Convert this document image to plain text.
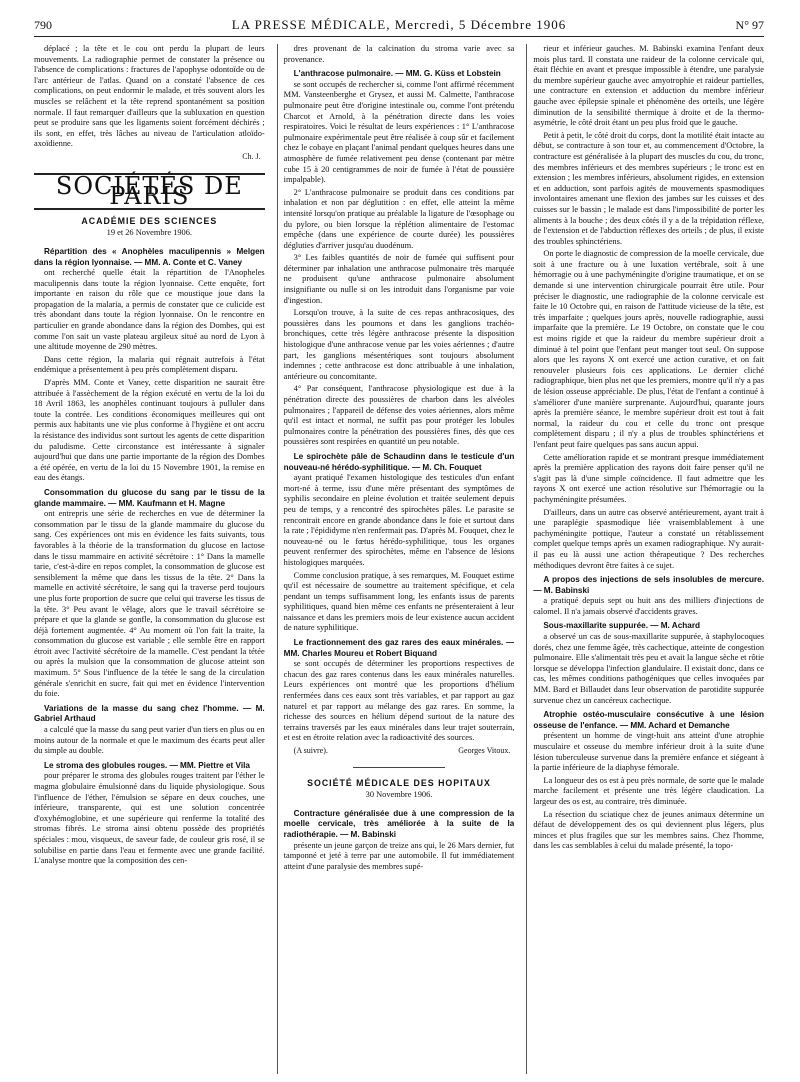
LA PRESSE MÉDICALE, Mercredi, 5 Décembre 1906
790	N° 97

déplacé ; la tête et le cou ont perdu la plupart de leurs mouvements. La radiographie permet de constater la présence ou l'absence de complications : fractures de l'apophyse odontoïde ou de l'arc antérieur de l'atlas. Quand on a constaté l'absence de ces complications, on peut endormir le malade, et très souvent alors les muscles se relâchent et la tête reprend spontanément sa position normale. Il faut remarquer d'ailleurs que la subluxation en question peut se produire sans que les ligaments soient forcément déchirés ; ils sont, en effet, très lâches au niveau de l'articulation atloïdo-axoïdienne.

Ch. J.
SOCIÉTÉS DE PARIS
ACADÉMIE DES SCIENCES
19 et 26 Novembre 1906.
Répartition des « Anophèles maculipennis » Melgen dans la région lyonnaise. — MM. A. Conte et C. Vaney

ont recherché quelle était la répartition de l'Anopheles maculipennis dans toute la région lyonnaise. Cette enquête, fort importante en raison du rôle que ce moustique joue dans la propagation de la malaria, a permis de constater que ce culicide est très abondant dans toute la région lyonnaise. On le rencontre en particulier en grande abondance dans la région des Dombes, qui est comme l'on sait un vaste plateau argileux situé au nord de Lyon à une altitude moyenne de 290 mètres.

Dans cette région, la malaria qui régnait autrefois à l'état endémique a présentement à peu près complètement disparu.

D'après MM. Conte et Vaney, cette disparition ne saurait être attribuée à l'assèchement de la région exécuté en vertu de la loi du 18 Avril 1863, les anophèles continuant toujours à pulluler dans toute la contrée. Les conditions économiques meilleures qui ont permis aux habitants une vie plus conforme à l'hygiène et ont accru la résistance des individus sont surtout les agents de cette disparition du paludisme. Cette circonstance est intéressante à signaler aujourd'hui que dans une partie importante de la région des Dombes a été opérée, en vertu de la loi du 15 Novembre 1901, la remise en eau des étangs.

Consommation du glucose du sang par le tissu de la glande mammaire. — MM. Kaufmann et H. Magne

ont entrepris une série de recherches en vue de déterminer la consommation par le tissu de la glande mammaire du glucose du sang. Ces expériences ont mis en évidence les faits suivants, tous favorables à la théorie de la transformation du glucose en lactose dans le tissu mammaire en activité sécrétoire : 1° Dans la mamelle tarie, c'est-à-dire en repos complet, la consommation de glucose est sensiblement la même que dans les tissus de la tête. 2° Dans la mamelle en activité sécrétoire, le sang qui la traverse perd toujours une plus forte proportion de sucre que celui qui traverse les tissus de la tête. 3° Peu avant le vêlage, alors que le travail sécrétoire se prépare et que la glande se gonfle, la consommation du glucose est déjà fortement augmentée. 4° Au moment où l'on fait la traite, la consommation du glucose est variable ; elle semble être en rapport étroit avec l'activité sécrétoire de la mamelle. C'est pendant la tétée ou après la mulsion que la consommation de glucose atteint son maximum. 5° Sous l'influence de la tétée le sang de la circulation générale s'enrichit en sucre, fait qui met en évidence l'intervention du foie.

Variations de la masse du sang chez l'homme. — M. Gabriel Arthaud

a calculé que la masse du sang peut varier d'un tiers en plus ou en moins autour de la normale et que le maximum des écarts peut aller du simple au double.

Le stroma des globules rouges. — MM. Piettre et Vila

pour préparer le stroma des globules rouges traitent par l'éther le magma globulaire émulsionné dans du liquide physiologique. Sous l'influence de l'éther, l'émulsion se sépare en deux couches, une inférieure, transparente, qui est une solution concentrée d'oxyhémoglobine, et une supérieure qui renferme la totalité des stromas fibrés. Le stroma ainsi obtenu possède des propriétés spéciales : mou, visqueux, de saveur fade, de couleur gris rosé, il se solubilise en partie dans l'eau et fermente avec une grande facilité. L'analyse montre que la composition des cen-

dres provenant de la calcination du stroma varie avec sa provenance.

L'anthracose pulmonaire. — MM. G. Küss et Lobstein

se sont occupés de rechercher si, comme l'ont affirmé récemment MM. Vansteenberghe et Grysez, et aussi M. Calmette, l'anthracose pulmonaire peut être d'origine intestinale ou, comme l'ont prétendu Charcot et Arnold, à la pénétration directe dans les voies respiratoires. Voici le résultat de leurs expériences : 1° L'anthracose pulmonaire expérimentale peut être réalisée à coup sûr et facilement chez le cobaye en plaçant l'animal pendant quelques heures dans une atmosphère de fumée relativement peu dense (contenant par mètre cube 15 à 20 centigrammes de noir de fumée à l'état de poussière impalpable).

2° L'anthracose pulmonaire se produit dans ces conditions par inhalation et non par déglutition : en effet, elle atteint la même intensité lorsqu'on pratique au préalable la ligature de l'œsophage ou du pylore, ou bien lorsque la réplétion alimentaire de l'estomac empêche (dans une expérience de courte durée) les poussières dégluties d'arriver jusqu'au duodénum.

3° Les faibles quantités de noir de fumée qui suffisent pour déterminer par inhalation une anthracose pulmonaire très marquée ne produisent qu'une anthracose pulmonaire absolument insignifiante ou nulle si on les introduit dans l'organisme par voie d'ingestion.

Lorsqu'on trouve, à la suite de ces repas anthracosiques, des poussières dans les poumons et dans les ganglions trachéo-bronchiques, cette très légère anthracose présente la disposition histologique d'une anthracose venue par les voies aériennes ; d'autre part, les ganglions mésentériques sont toujours absolument indemnes ; cette anthracose est donc attribuable à une inhalation, antérieure ou concomitante.

4° Par conséquent, l'anthracose physiologique est due à la pénétration directe des poussières de charbon dans les alvéoles pulmonaires ; l'appareil de défense des voies aériennes, alors même qu'il est intact et normal, ne suffit pas pour protéger les lobules pulmonaires contre la pénétration des poussières fines, dès que ces poussières sont respirées en quantité un peu notable.

Le spirochète pâle de Schaudinn dans le testicule d'un nouveau-né hérédo-syphilitique. — M. Ch. Fouquet

ayant pratiqué l'examen histologique des testicules d'un enfant mort-né à terme, issu d'une mère présentant des symptômes de syphilis secondaire en pleine évolution et traitée seulement depuis peu de temps, y a rencontré des spirochètes pâles. Le parasite se rencontrait encore en grande abondance dans le foie et surtout dans la rate ; l'épididyme n'en renfermait pas. D'après M. Fouquet, chez le nouveau-né ou le fœtus hérédo-syphilitique, tous les organes peuvent renfermer des spirochètes, même en l'absence de lésions histologiques marquées.

Comme conclusion pratique, à ses remarques, M. Fouquet estime qu'il est nécessaire de soumettre au traitement spécifique, et cela pendant un temps suffisamment long, les enfants issus de parents syphilitiques, quand bien même ces enfants ne présenteraient à leur naissance et dans les premiers mois de leur existence aucun accident de nature syphilitique.

Le fractionnement des gaz rares des eaux minérales. — MM. Charles Moureu et Robert Biquand

se sont occupés de déterminer les proportions respectives de chacun des gaz rares contenus dans les eaux minérales naturelles. Leurs expériences ont montré que les proportions d'hélium renfermées dans ces eaux sont très variables, et par rapport au gaz naturel et par rapport au mélange des gaz rares. En somme, la richesse des sources en hélium dépend surtout de la nature des terrains traversés par les eaux minérales dans leur trajet souterrain, et est en étroite relation avec la radioactivité des sources.

(A suivre).	Georges Vitoux.
SOCIÉTÉ MÉDICALE DES HOPITAUX
30 Novembre 1906.
Contracture généralisée due à une compression de la moelle cervicale, très améliorée à la suite de la radiothérapie. — M. Babinski

présente un jeune garçon de treize ans qui, le 26 Mars dernier, fut tamponné et jeté à terre par une automobile. Il fut immédiatement atteint d'une paralysie des membres supé-

rieur et inférieur gauches. M. Babinski examina l'enfant deux mois plus tard. Il constata une raideur de la colonne cervicale qui, était fléchie en avant et presque impossible à étendre, une paralysie du membre supérieur gauche avec amyotrophie et raideur partielles, une contracture en extension et adduction du membre inférieur gauche avec épilepsie spinale et phénomène des orteils, une légère diminution de la sensibilité thermique à droite et de la thermo-asymétrie, le côté droit étant un peu plus froid que le gauche.

Petit à petit, le côté droit du corps, dont la motilité était intacte au début, se contracture à son tour et, au commencement d'Octobre, la contracture est généralisée à la plupart des muscles du cou, du tronc, des membres inférieurs et des membres supérieurs ; le tronc est en extension ; les membres inférieurs, absolument rigides, en extension et en adduction, sont parfois agités de mouvements spasmodiques involontaires amenant une flexion des jambes sur les cuisses et des cuisses sur le bassin ; le malade est dans l'impossibilité de porter les aliments à la bouche ; des deux côtés il y a de la trépidation réflexe, de l'extension et de l'abduction réflexes des orteils ; de plus, il existe des troubles sphinctériens.

On porte le diagnostic de compression de la moelle cervicale, due soit à une fracture ou à une luxation vertébrale, soit à une hémorragie ou à une pachyméningite d'origine traumatique, et on se demande si une intervention chirurgicale pourrait être utile. Pour préciser le diagnostic, une radiographie de la colonne cervicale est faite le 10 Octobre qui, en raison de l'attitude vicieuse de la tête, est très imparfaite ; quelques jours après, nouvelle radiographie, aussi imparfaite que la première. Le 19 Octobre, on constate que le cou est moins rigide et que la raideur du membre supérieur droit a diminué à tel point que l'enfant peut manger tout seul. On suppose alors que les rayons X ont exercé une action curative, et on fait renouveler plusieurs fois ces applications. Le dernier cliché radiographique, bien plus net que les premiers, montre qu'il n'y a pas de lésion osseuse appréciable. De plus, l'état de l'enfant a continué à s'améliorer d'une manière surprenante. Aujourd'hui, quarante jours après la première séance, le membre supérieur droit est tout à fait normal, la raideur du cou et celle du tronc ont presque complètement disparu ; il n'y a plus de troubles sphinctériens et l'enfant peut faire quelques pas sans aucun appui.

Cette amélioration rapide et se montrant presque immédiatement après la première application des rayons doit faire penser qu'il ne s'agit pas là d'une simple coïncidence. Il faut admettre que les rayons X ont exercé une action résolutive sur l'hémorragie ou la pachyméningite présumées.

D'ailleurs, dans un autre cas observé antérieurement, ayant trait à une paraplégie spasmodique liée vraisemblablement à une pachyméningite pottique, l'auteur a constaté un rétablissement complet quelque temps après un examen radiographique. N'y aurait-il pas eu là aussi une action thérapeutique ? Des recherches méthodiques devront être faites à ce sujet.

A propos des injections de sels insolubles de mercure. — M. Babinski

a pratiqué depuis sept ou huit ans des milliers d'injections de calomel. Il n'a jamais observé d'accidents graves.

Sous-maxillarite suppurée. — M. Achard

a observé un cas de sous-maxillarite suppurée, à staphylocoques dorés, chez une femme âgée, très cachectique, atteinte de congestion pulmonaire. Elle s'alimentait très peu et avait la langue sèche et rôtie lorsque se développa l'infection glandulaire. Il existait donc, dans ce cas, les mêmes conditions pathogéniques que celles invoquées par MM. Bard et Billaudet dans leur observation de parotidite suppurée survenue chez un cancéreux cachectique.

Atrophie ostéo-musculaire consécutive à une lésion osseuse de l'enfance. — MM. Achard et Demanche

présentent un homme de vingt-huit ans atteint d'une atrophie musculaire et osseuse du membre inférieur droit à la suite d'une lésion tuberculeuse survenue dans la première enfance et siégeant à la partie inférieure de la diaphyse fémorale.

La longueur des os est à peu près normale, de sorte que le malade marche facilement et présente une très légère claudication. La largeur des os est, au contraire, très diminuée.

La résection du sciatique chez de jeunes animaux détermine un défaut de développement des os qui deviennent plus légers, plus minces et plus fragiles que sur les membres sains. Chez l'homme, dans les cas semblables à celui du malade présenté, la topo-
